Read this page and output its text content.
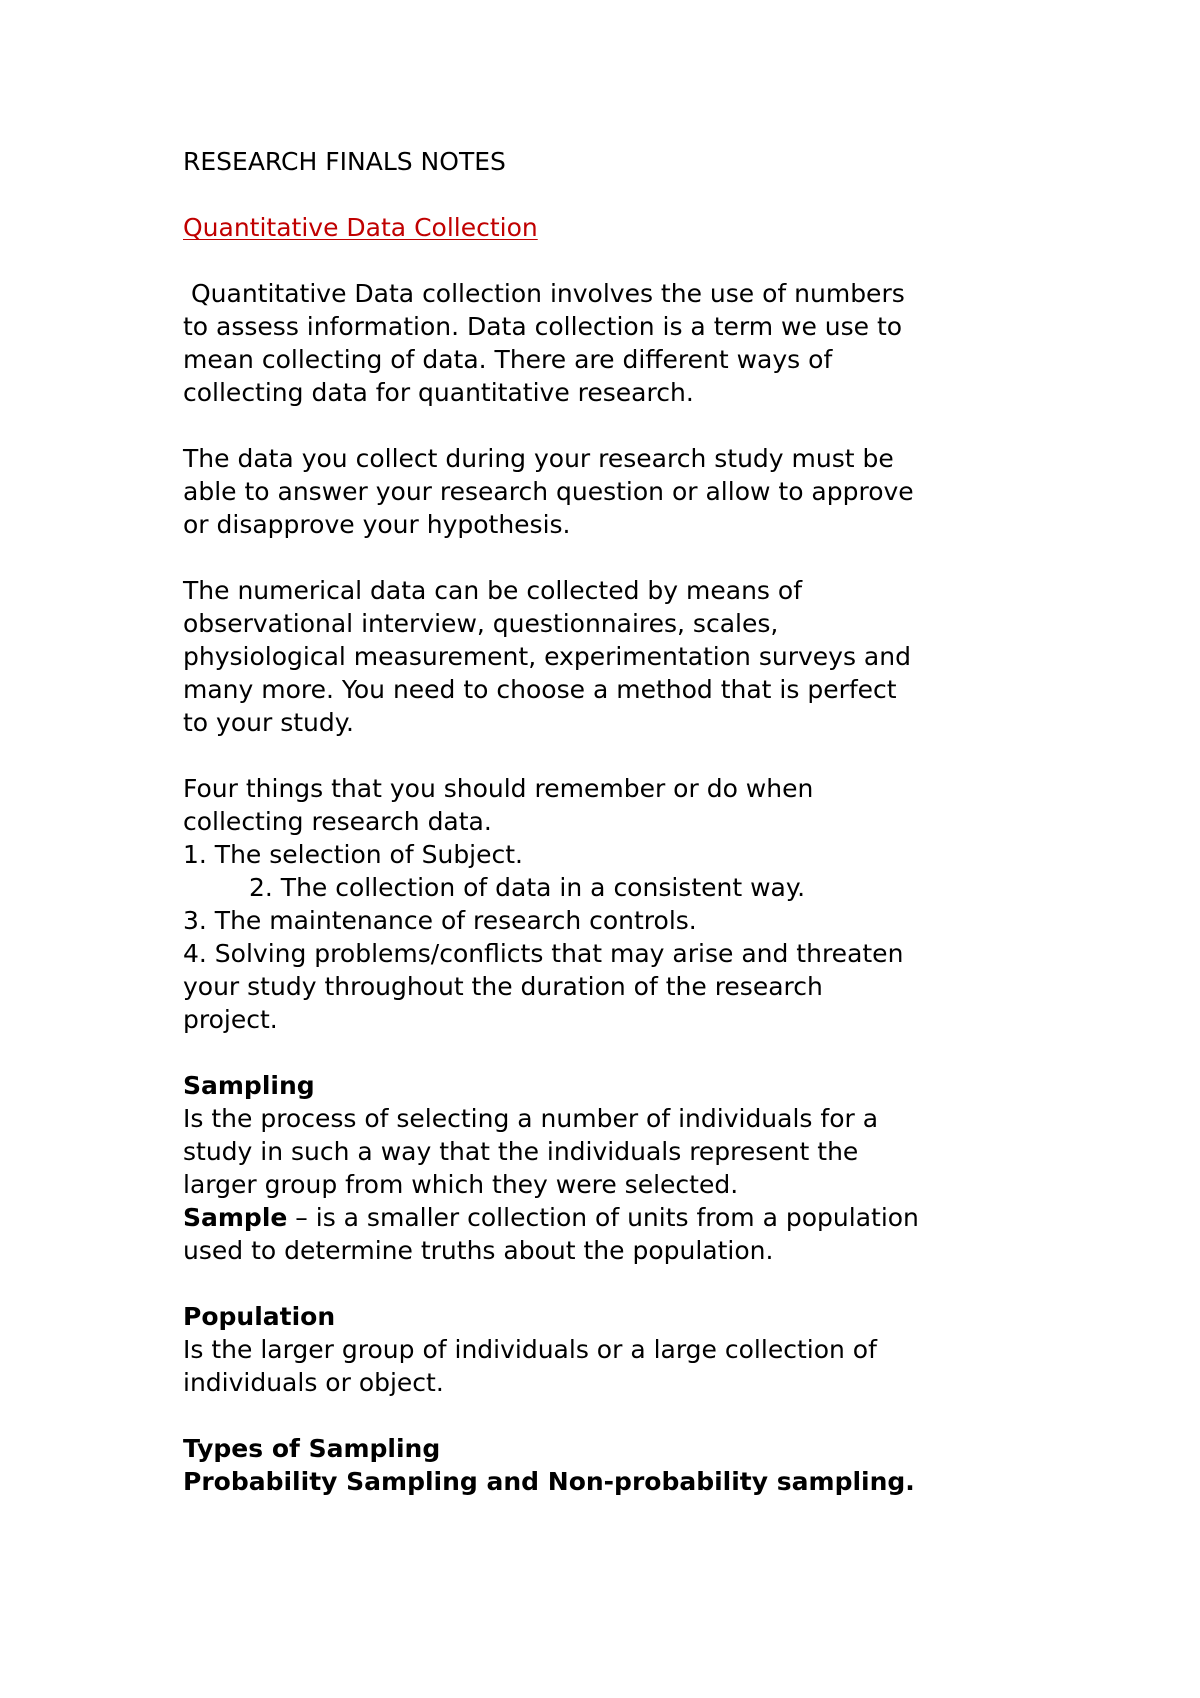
RESEARCH FINALS NOTES
Quantitative Data Collection
Quantitative Data collection involves the use of numbers
to assess information. Data collection is a term we use to
mean collecting of data. There are different ways of
collecting data for quantitative research.
The data you collect during your research study must be
able to answer your research question or allow to approve
or disapprove your hypothesis.
The numerical data can be collected by means of
observational interview, questionnaires, scales,
physiological measurement, experimentation surveys and
many more. You need to choose a method that is perfect
to your study.
Four things that you should remember or do when
collecting research data.
1. The selection of Subject.
2. The collection of data in a consistent way.
3. The maintenance of research controls.
4. Solving problems/conflicts that may arise and threaten
your study throughout the duration of the research
project.
Sampling
Is the process of selecting a number of individuals for a
study in such a way that the individuals represent the
larger group from which they were selected.
Sample – is a smaller collection of units from a population
used to determine truths about the population.
Population
Is the larger group of individuals or a large collection of
individuals or object.
Types of Sampling
Probability Sampling and Non-probability sampling.
